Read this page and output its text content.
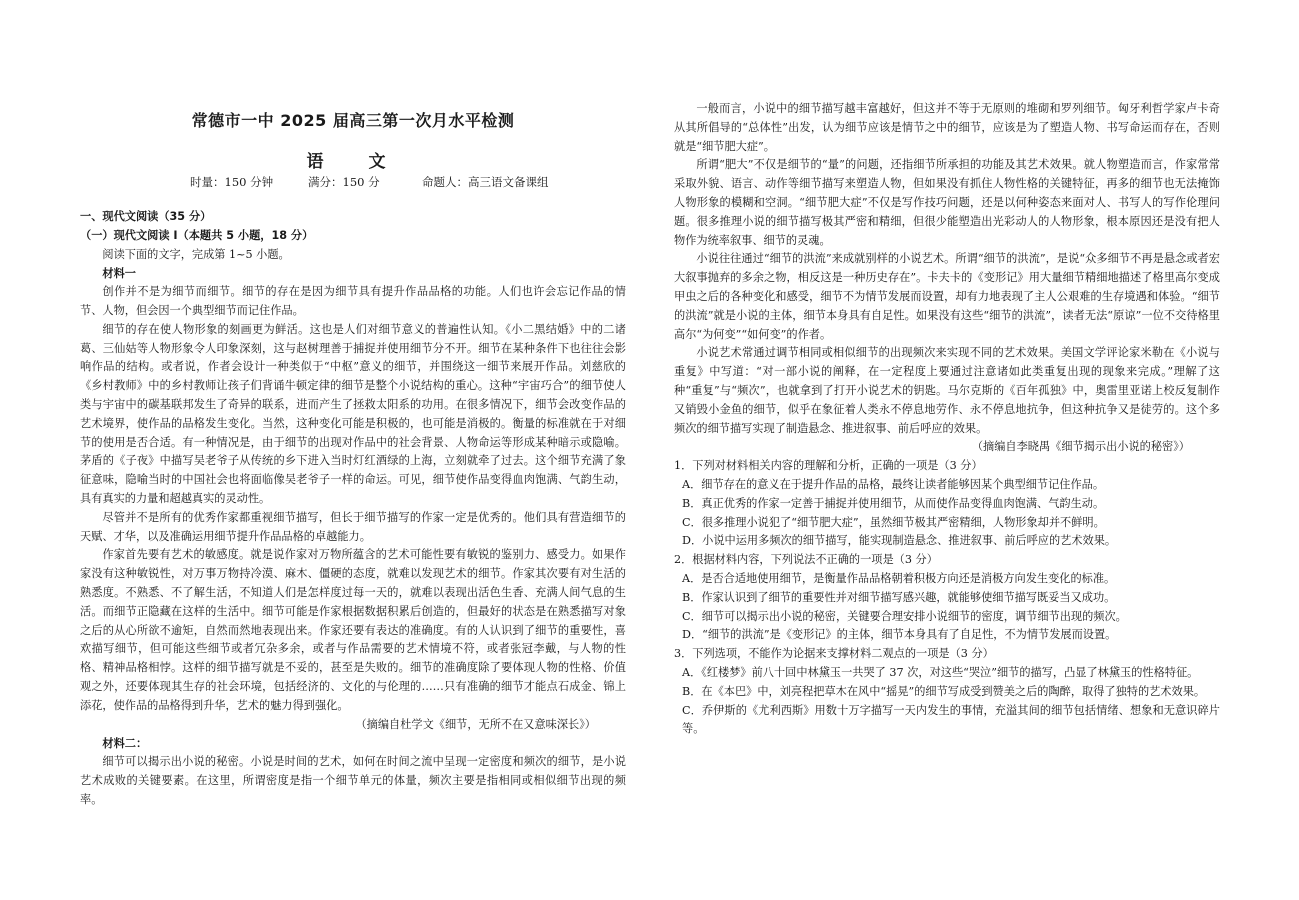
常德市一中 2025 届高三第一次月水平检测
语　文
时量：150 分钟	满分：150 分	命题人：高三语文备课组

一、现代文阅读（35 分）

（一）现代文阅读 I（本题共 5 小题，18 分）

阅读下面的文字，完成第 1~5 小题。

材料一

创作并不是为细节而细节。细节的存在是因为细节具有提升作品品格的功能。人们也许会忘记作品的情节、人物，但会因一个典型细节而记住作品。

细节的存在使人物形象的刻画更为鲜活。这也是人们对细节意义的普遍性认知。《小二黑结婚》中的二诸葛、三仙姑等人物形象令人印象深刻，这与赵树理善于捕捉并使用细节分不开。细节在某种条件下也往往会影响作品的结构。或者说，作者会设计一种类似于“中枢”意义的细节，并围绕这一细节来展开作品。刘慈欣的《乡村教师》中的乡村教师让孩子们背诵牛顿定律的细节是整个小说结构的重心。这种“宇宙巧合”的细节使人类与宇宙中的碳基联邦发生了奇异的联系，进而产生了拯救太阳系的功用。在很多情况下，细节会改变作品的艺术境界，使作品的品格发生变化。当然，这种变化可能是积极的，也可能是消极的。衡量的标准就在于对细节的使用是否合适。有一种情况是，由于细节的出现对作品中的社会背景、人物命运等形成某种暗示或隐喻。茅盾的《子夜》中描写吴老爷子从传统的乡下进入当时灯红酒绿的上海，立刻就牵了过去。这个细节充满了象征意味，隐喻当时的中国社会也将面临像吴老爷子一样的命运。可见，细节使作品变得血肉饱满、气韵生动，具有真实的力量和超越真实的灵动性。

尽管并不是所有的优秀作家都重视细节描写，但长于细节描写的作家一定是优秀的。他们具有营造细节的天赋、才华，以及准确运用细节提升作品品格的卓越能力。

作家首先要有艺术的敏感度。就是说作家对万物所蕴含的艺术可能性要有敏锐的鉴别力、感受力。如果作家没有这种敏锐性，对万事万物持冷漠、麻木、僵硬的态度，就难以发现艺术的细节。作家其次要有对生活的熟悉度。不熟悉、不了解生活，不知道人们是怎样度过每一天的，就难以表现出活色生香、充满人间气息的生活。而细节正隐藏在这样的生活中。细节可能是作家根据数据积累后创造的，但最好的状态是在熟悉描写对象之后的从心所欲不逾矩，自然而然地表现出来。作家还要有表达的准确度。有的人认识到了细节的重要性，喜欢描写细节，但可能这些细节或者冗杂多余，或者与作品需要的艺术情境不符，或者张冠李戴，与人物的性格、精神品格相悖。这样的细节描写就是不妥的，甚至是失败的。细节的准确度除了要体现人物的性格、价值观之外，还要体现其生存的社会环境，包括经济的、文化的与伦理的……只有准确的细节才能点石成金、锦上添花，使作品的品格得到升华，艺术的魅力得到强化。

（摘编自杜学文《细节，无所不在又意味深长》）

材料二：

细节可以揭示出小说的秘密。小说是时间的艺术，如何在时间之流中呈现一定密度和频次的细节，是小说艺术成败的关键要素。在这里，所谓密度是指一个细节单元的体量，频次主要是指相同或相似细节出现的频率。

一般而言，小说中的细节描写越丰富越好，但这并不等于无原则的堆砌和罗列细节。匈牙利哲学家卢卡奇从其所倡导的“总体性”出发，认为细节应该是情节之中的细节，应该是为了塑造人物、书写命运而存在，否则就是“细节肥大症”。

所谓“肥大”不仅是细节的“量”的问题，还指细节所承担的功能及其艺术效果。就人物塑造而言，作家常常采取外貌、语言、动作等细节描写来塑造人物，但如果没有抓住人物性格的关键特征，再多的细节也无法掩饰人物形象的模糊和空洞。“细节肥大症”不仅是写作技巧问题，还是以何种姿态来面对人、书写人的写作伦理问题。很多推理小说的细节描写极其严密和精细，但很少能塑造出光彩动人的人物形象，根本原因还是没有把人物作为统率叙事、细节的灵魂。

小说往往通过“细节的洪流”来成就别样的小说艺术。所谓“细节的洪流”，是说“众多细节不再是悬念或者宏大叙事抛弃的多余之物，相反这是一种历史存在”。卡夫卡的《变形记》用大量细节精细地描述了格里高尔变成甲虫之后的各种变化和感受，细节不为情节发展而设置，却有力地表现了主人公艰难的生存境遇和体验。“细节的洪流”就是小说的主体，细节本身具有自足性。如果没有这些“细节的洪流”，读者无法“原谅”一位不交待格里高尔“为何变”“如何变”的作者。

小说艺术常通过调节相同或相似细节的出现频次来实现不同的艺术效果。美国文学评论家米勒在《小说与重复》中写道：“对一部小说的阐释，在一定程度上要通过注意诸如此类重复出现的现象来完成。”理解了这种“重复”与“频次”，也就拿到了打开小说艺术的钥匙。马尔克斯的《百年孤独》中，奥雷里亚诺上校反复制作又销毁小金鱼的细节，似乎在象征着人类永不停息地劳作、永不停息地抗争，但这种抗争又是徒劳的。这个多频次的细节描写实现了制造悬念、推进叙事、前后呼应的效果。

（摘编自李晓禺《细节揭示出小说的秘密》）

1．下列对材料相关内容的理解和分析，正确的一项是（3 分）

A．细节存在的意义在于提升作品的品格，最终让读者能够因某个典型细节记住作品。

B．真正优秀的作家一定善于捕捉并使用细节，从而使作品变得血肉饱满、气韵生动。

C．很多推理小说犯了“细节肥大症”，虽然细节极其严密精细，人物形象却并不鲜明。

D．小说中运用多频次的细节描写，能实现制造悬念、推进叙事、前后呼应的艺术效果。

2．根据材料内容，下列说法不正确的一项是（3 分）

A．是否合适地使用细节，是衡量作品品格朝着积极方向还是消极方向发生变化的标准。

B．作家认识到了细节的重要性并对细节描写感兴趣，就能够使细节描写既妥当又成功。

C．细节可以揭示出小说的秘密，关键要合理安排小说细节的密度，调节细节出现的频次。

D．“细节的洪流”是《变形记》的主体，细节本身具有了自足性，不为情节发展而设置。

3．下列选项，不能作为论据来支撑材料二观点的一项是（3 分）

A．《红楼梦》前八十回中林黛玉一共哭了 37 次，对这些“哭泣”细节的描写，凸显了林黛玉的性格特征。

B．在《本巴》中，刘亮程把草木在风中“摇晃”的细节写成受到赞美之后的陶醉，取得了独特的艺术效果。

C．乔伊斯的《尤利西斯》用数十万字描写一天内发生的事情，充溢其间的细节包括情绪、想象和无意识碎片等。
